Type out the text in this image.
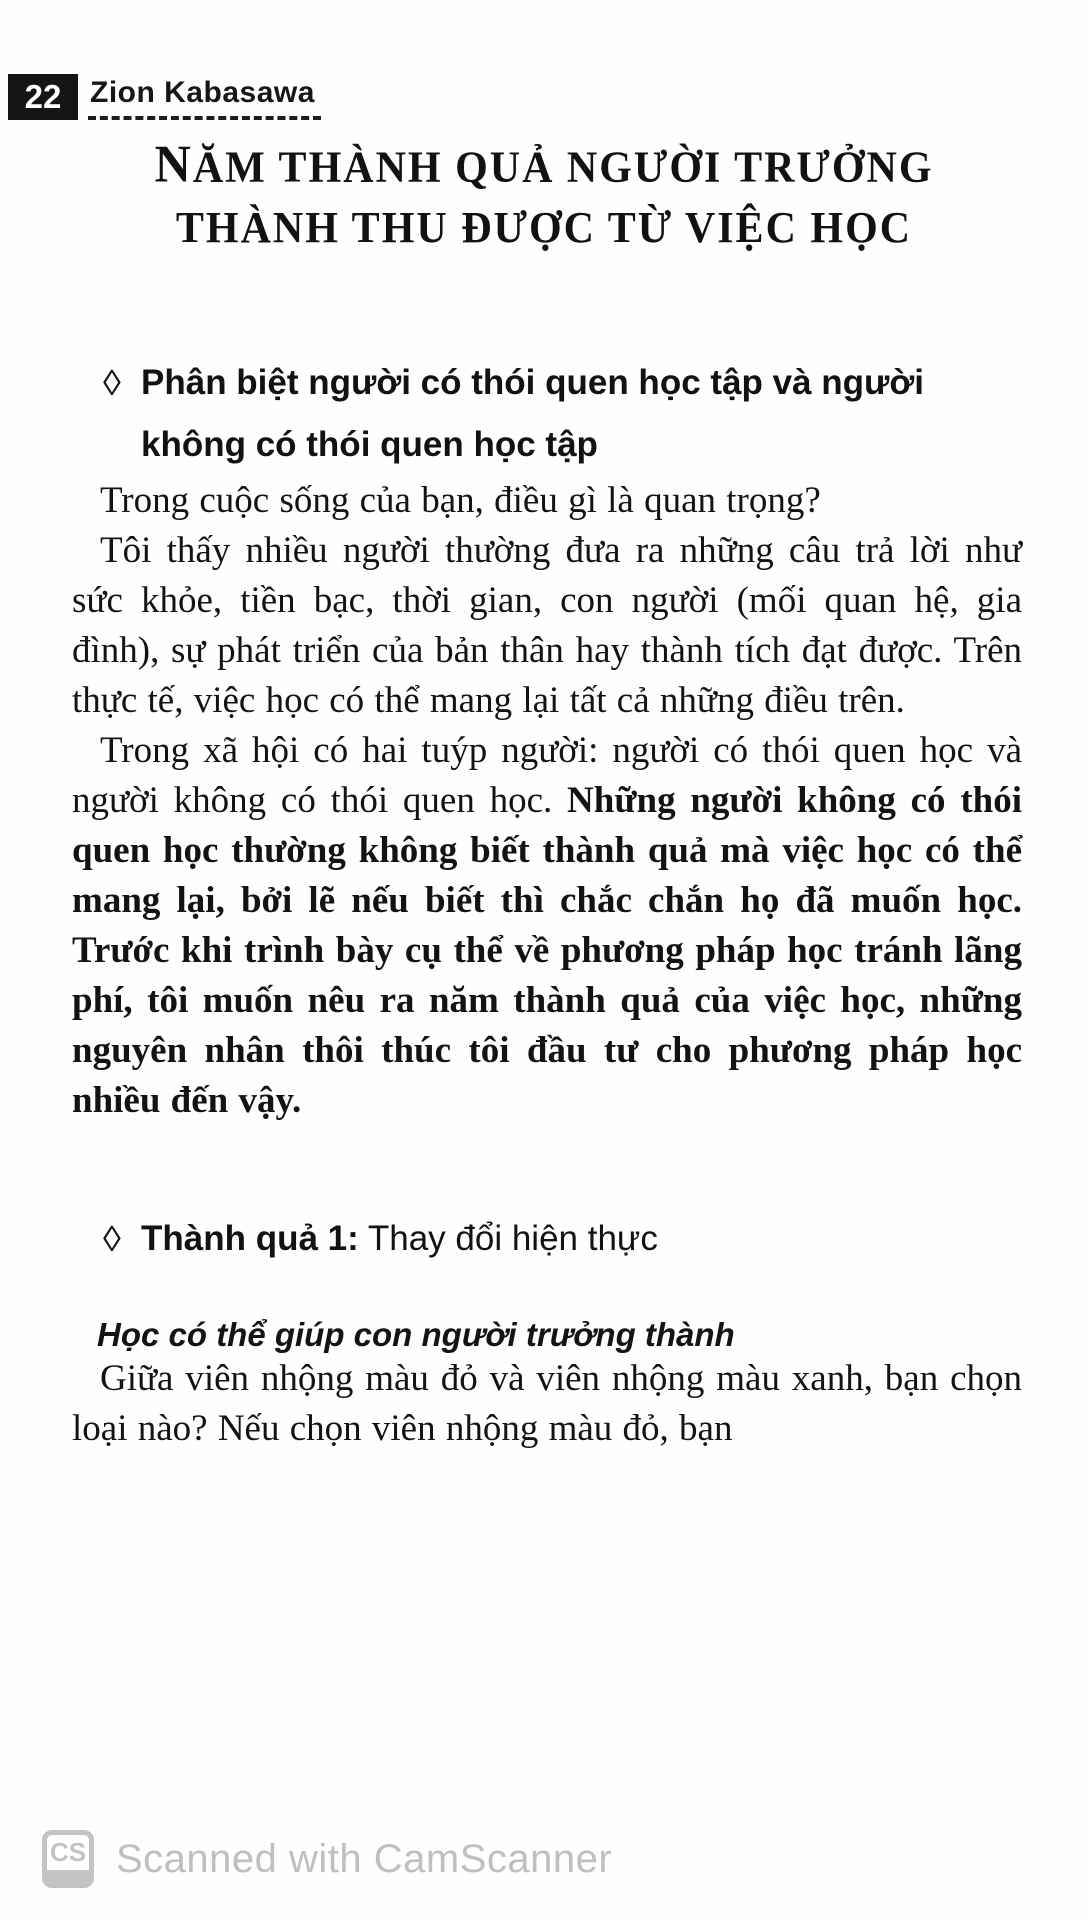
22 Zion Kabasawa
NĂM THÀNH QUẢ NGƯỜI TRƯỞNG
THÀNH THU ĐƯỢC TỪ VIỆC HỌC
◊ Phân biệt người có thói quen học tập và người không có thói quen học tập

Trong cuộc sống của bạn, điều gì là quan trọng?

Tôi thấy nhiều người thường đưa ra những câu trả lời như sức khỏe, tiền bạc, thời gian, con người (mối quan hệ, gia đình), sự phát triển của bản thân hay thành tích đạt được. Trên thực tế, việc học có thể mang lại tất cả những điều trên.

Trong xã hội có hai tuýp người: người có thói quen học và người không có thói quen học. Những người không có thói quen học thường không biết thành quả mà việc học có thể mang lại, bởi lẽ nếu biết thì chắc chắn họ đã muốn học. Trước khi trình bày cụ thể về phương pháp học tránh lãng phí, tôi muốn nêu ra năm thành quả của việc học, những nguyên nhân thôi thúc tôi đầu tư cho phương pháp học nhiều đến vậy.

◊ Thành quả 1: Thay đổi hiện thực
Học có thể giúp con người trưởng thành

Giữa viên nhộng màu đỏ và viên nhộng màu xanh, bạn chọn loại nào? Nếu chọn viên nhộng màu đỏ, bạn

CS Scanned with CamScanner
